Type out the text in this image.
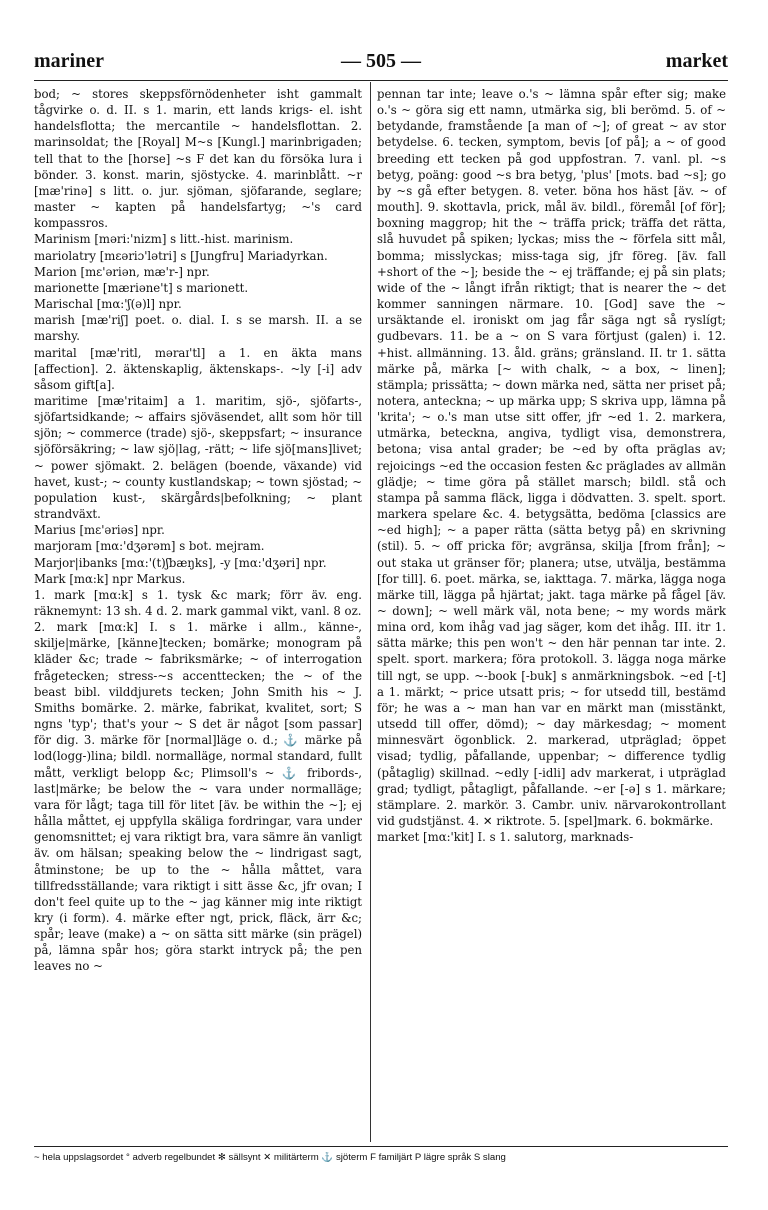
mariner	— 505 —	market

bod; ~ stores skeppsförnödenheter isht gammalt tågvirke o. d. II. s 1. marin, ett lands krigs- el. isht handelsflotta; the mercantile ~ handelsflottan. 2. marinsoldat; the [Royal] M~s [Kungl.] marinbrigaden; tell that to the [horse] ~s F det kan du försöka lura i bönder. 3. konst. marin, sjöstycke. 4. marinblått. ~r [mæ'rinə] s litt. o. jur. sjöman, sjöfarande, seglare; master ~ kapten på handelsfartyg; ~'s card kompassros.

Marinism [məri:'nizm] s litt.-hist. marinism.

mariolatry [mεəriɔ'lətri] s [Jungfru] Mariadyrkan.

Marion [mε'əriən, mæ'r-] npr.

marionette [mæriəne't] s marionett.

Marischal [mα:'ʃ(ə)l] npr.

marish [mæ'riʃ] poet. o. dial. I. s se marsh. II. a se marshy.

marital [mæ'ritl, məraɪ'tl] a 1. en äkta mans [affection]. 2. äktenskaplig, äktenskaps-. ~ly [-i] adv såsom gift[a].

maritime [mæ'ritaim] a 1. maritim, sjö-, sjöfarts-, sjöfartsidkande; ~ affairs sjöväsendet, allt som hör till sjön; ~ commerce (trade) sjö-, skeppsfart; ~ insurance sjöförsäkring; ~ law sjö|lag, -rätt; ~ life sjö[mans]livet; ~ power sjömakt. 2. belägen (boende, växande) vid havet, kust-; ~ county kustlandskap; ~ town sjöstad; ~ population kust-, skärgårds|befolkning; ~ plant strandväxt.

Marius [mε'əriəs] npr.

marjoram [mα:'dʒərəm] s bot. mejram.

Marjor|ibanks [mα:'(t)ʃbæŋks], -y [mα:'dʒəri] npr.

Mark [mα:k] npr Markus.

1. mark [mα:k] s 1. tysk &c mark; förr äv. eng. räknemynt: 13 sh. 4 d. 2. mark gammal vikt, vanl. 8 oz.

2. mark [mα:k] I. s 1. märke i allm., känne-, skilje|märke, [känne]tecken; bomärke; monogram på kläder &c; trade ~ fabriksmärke; ~ of interrogation frågetecken; stress-~s accenttecken; the ~ of the beast bibl. vilddjurets tecken; John Smith his ~ J. Smiths bomärke. 2. märke, fabrikat, kvalitet, sort; S ngns 'typ'; that's your ~ S det är något [som passar] för dig. 3. märke för [normal]läge o. d.; ⚓ märke på lod(logg-)lina; bildl. normalläge, normal standard, fullt mått, verkligt belopp &c; Plimsoll's ~ ⚓ fribords-, last|märke; be below the ~ vara under normalläge; vara för lågt; taga till för litet [äv. be within the ~]; ej hålla måttet, ej uppfylla skäliga fordringar, vara under genomsnittet; ej vara riktigt bra, vara sämre än vanligt äv. om hälsan; speaking below the ~ lindrigast sagt, åtminstone; be up to the ~ hålla måttet, vara tillfredsställande; vara riktigt i sitt ässe &c, jfr ovan; I don't feel quite up to the ~ jag känner mig inte riktigt kry (i form). 4. märke efter ngt, prick, fläck, ärr &c; spår; leave (make) a ~ on sätta sitt märke (sin prägel) på, lämna spår hos; göra starkt intryck på; the pen leaves no ~

pennan tar inte; leave o.'s ~ lämna spår efter sig; make o.'s ~ göra sig ett namn, utmärka sig, bli berömd. 5. of ~ betydande, framstående [a man of ~]; of great ~ av stor betydelse. 6. tecken, symptom, bevis [of på]; a ~ of good breeding ett tecken på god uppfostran. 7. vanl. pl. ~s betyg, poäng: good ~s bra betyg, 'plus' [mots. bad ~s]; go by ~s gå efter betygen. 8. veter. böna hos häst [äv. ~ of mouth]. 9. skottavla, prick, mål äv. bildl., föremål [of för]; boxning maggrop; hit the ~ träffa prick; träffa det rätta, slå huvudet på spiken; lyckas; miss the ~ förfela sitt mål, bomma; misslyckas; miss-taga sig, jfr föreg. [äv. fall +short of the ~]; beside the ~ ej träffande; ej på sin plats; wide of the ~ långt ifrån riktigt; that is nearer the ~ det kommer sanningen närmare. 10. [God] save the ~ ursäktande el. ironiskt om jag får säga ngt så ryslígt; gudbevars. 11. be a ~ on S vara förtjust (galen) i. 12. +hist. allmänning. 13. åld. gräns; gränsland. II. tr 1. sätta märke på, märka [~ with chalk, ~ a box, ~ linen]; stämpla; prissätta; ~ down märka ned, sätta ner priset på; notera, anteckna; ~ up märka upp; S skriva upp, lämna på 'krita'; ~ o.'s man utse sitt offer, jfr ~ed 1. 2. markera, utmärka, beteckna, angiva, tydligt visa, demonstrera, betona; visa antal grader; be ~ed by ofta präglas av; rejoicings ~ed the occasion festen &c präglades av allmän glädje; ~ time göra på stället marsch; bildl. stå och stampa på samma fläck, ligga i dödvatten. 3. spelt. sport. markera spelare &c. 4. betygsätta, bedöma [classics are ~ed high]; ~ a paper rätta (sätta betyg på) en skrivning (stil). 5. ~ off pricka för; avgränsa, skilja [from från]; ~ out staka ut gränser för; planera; utse, utvälja, bestämma [for till]. 6. poet. märka, se, iakttaga. 7. märka, lägga noga märke till, lägga på hjärtat; jakt. taga märke på fågel [äv. ~ down]; ~ well märk väl, nota bene; ~ my words märk mina ord, kom ihåg vad jag säger, kom det ihåg. III. itr 1. sätta märke; this pen won't ~ den här pennan tar inte. 2. spelt. sport. markera; föra protokoll. 3. lägga noga märke till ngt, se upp. ~-book [-buk] s anmärkningsbok. ~ed [-t] a 1. märkt; ~ price utsatt pris; ~ for utsedd till, bestämd för; he was a ~ man han var en märkt man (misstänkt, utsedd till offer, dömd); ~ day märkesdag; ~ moment minnesvärt ögonblick. 2. markerad, utpräglad; öppet visad; tydlig, påfallande, uppenbar; ~ difference tydlig (påtaglig) skillnad. ~edly [-idli] adv markerat, i utpräglad grad; tydligt, påtagligt, påfallande. ~er [-ə] s 1. märkare; stämplare. 2. markör. 3. Cambr. univ. närvarokontrollant vid gudstjänst. 4. ✕ riktrote. 5. [spel]mark. 6. bokmärke.

market [mα:'kit] I. s 1. salutorg, marknads-

~ hela uppslagsordet ° adverb regelbundet ✻ sällsynt ✕ militärterm ⚓ sjöterm F familjärt P lägre språk S slang
